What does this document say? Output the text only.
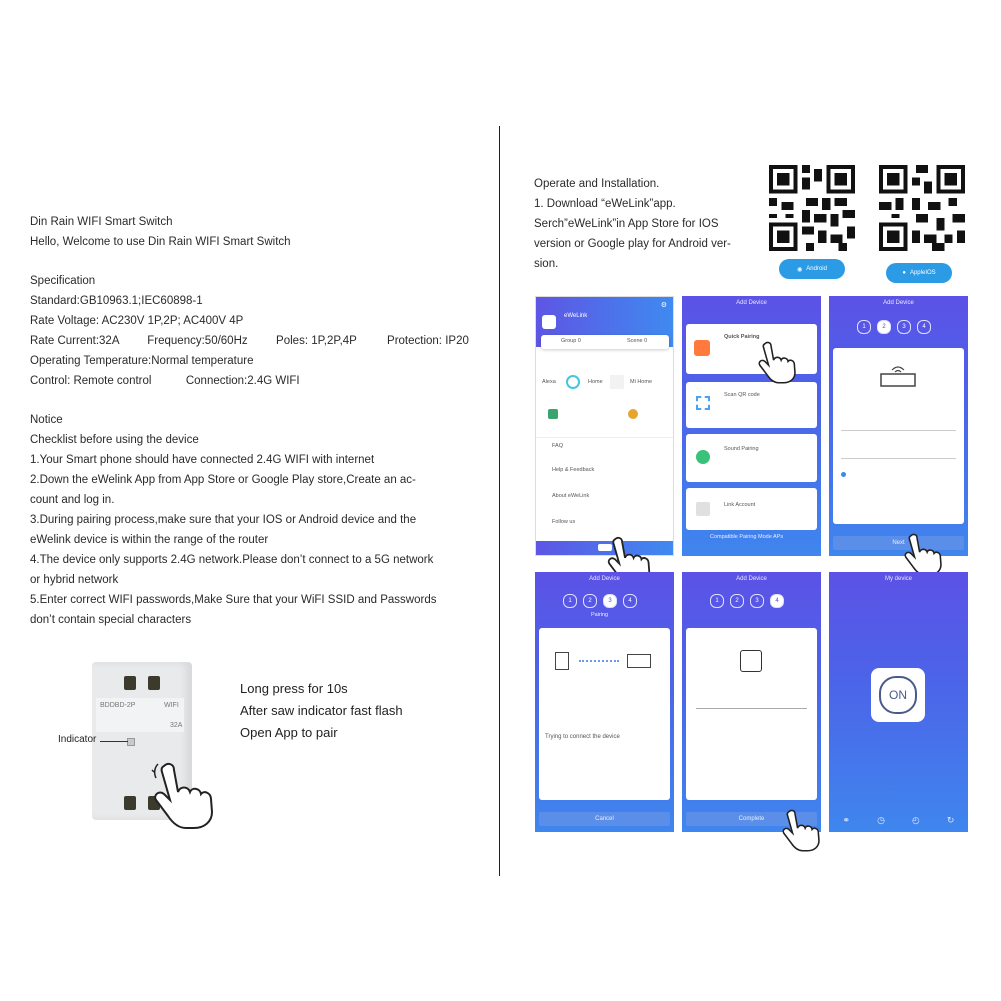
Din Rain WIFI Smart Switch

Hello, Welcome to use Din Rain WIFI Smart Switch

Specification

Standard:GB10963.1;IEC60898-1

Rate Voltage: AC230V 1P,2P; AC400V 4P

Rate Current:32A Frequency:50/60Hz Poles: 1P,2P,4P	Protection: IP20

Operating Temperature:Normal temperature

Control: Remote control	Connection:2.4G WIFI

Notice

Checklist before using the device

1.Your Smart phone should have connected 2.4G WIFI with internet

2.Down the eWelink App from App Store or Google Play store,Create an ac-

count and log in.

3.During pairing process,make sure that your IOS or Android device and the

eWelink device is within the range of the router

4.The device only supports 2.4G network.Please don’t connect to a 5G network

or hybrid network

5.Enter correct WIFI passwords,Make Sure that your WiFI SSID and Passwords

don’t contain special characters

BDDBD-2P	WIFI
32A
Indicator
Long press for 10s
After saw indicator fast flash
Open App to pair
Operate and Installation.
1. Download “eWeLink”app.
Serch”eWeLink”in App Store for IOS
version or Google play for Android ver-
sion.	◉ Android
● AppleIOS
eWeLink
⚙
Group 0	Scene 0
Alexa	Home	Mi Home
FAQ
Help & Feedback
About eWeLink
Follow us
Add Device
Quick Pairing
Scan QR code
Sound Pairing
Link Account
Compatible Pairing Mode APs
Add Device
1	2	3	4
Next
Add Device
1	2	3	4
Pairing
Trying to connect the device
Cancel
Add Device
1	2	3	4
Complete
My device
ON
⚭	◷	◴	↻
